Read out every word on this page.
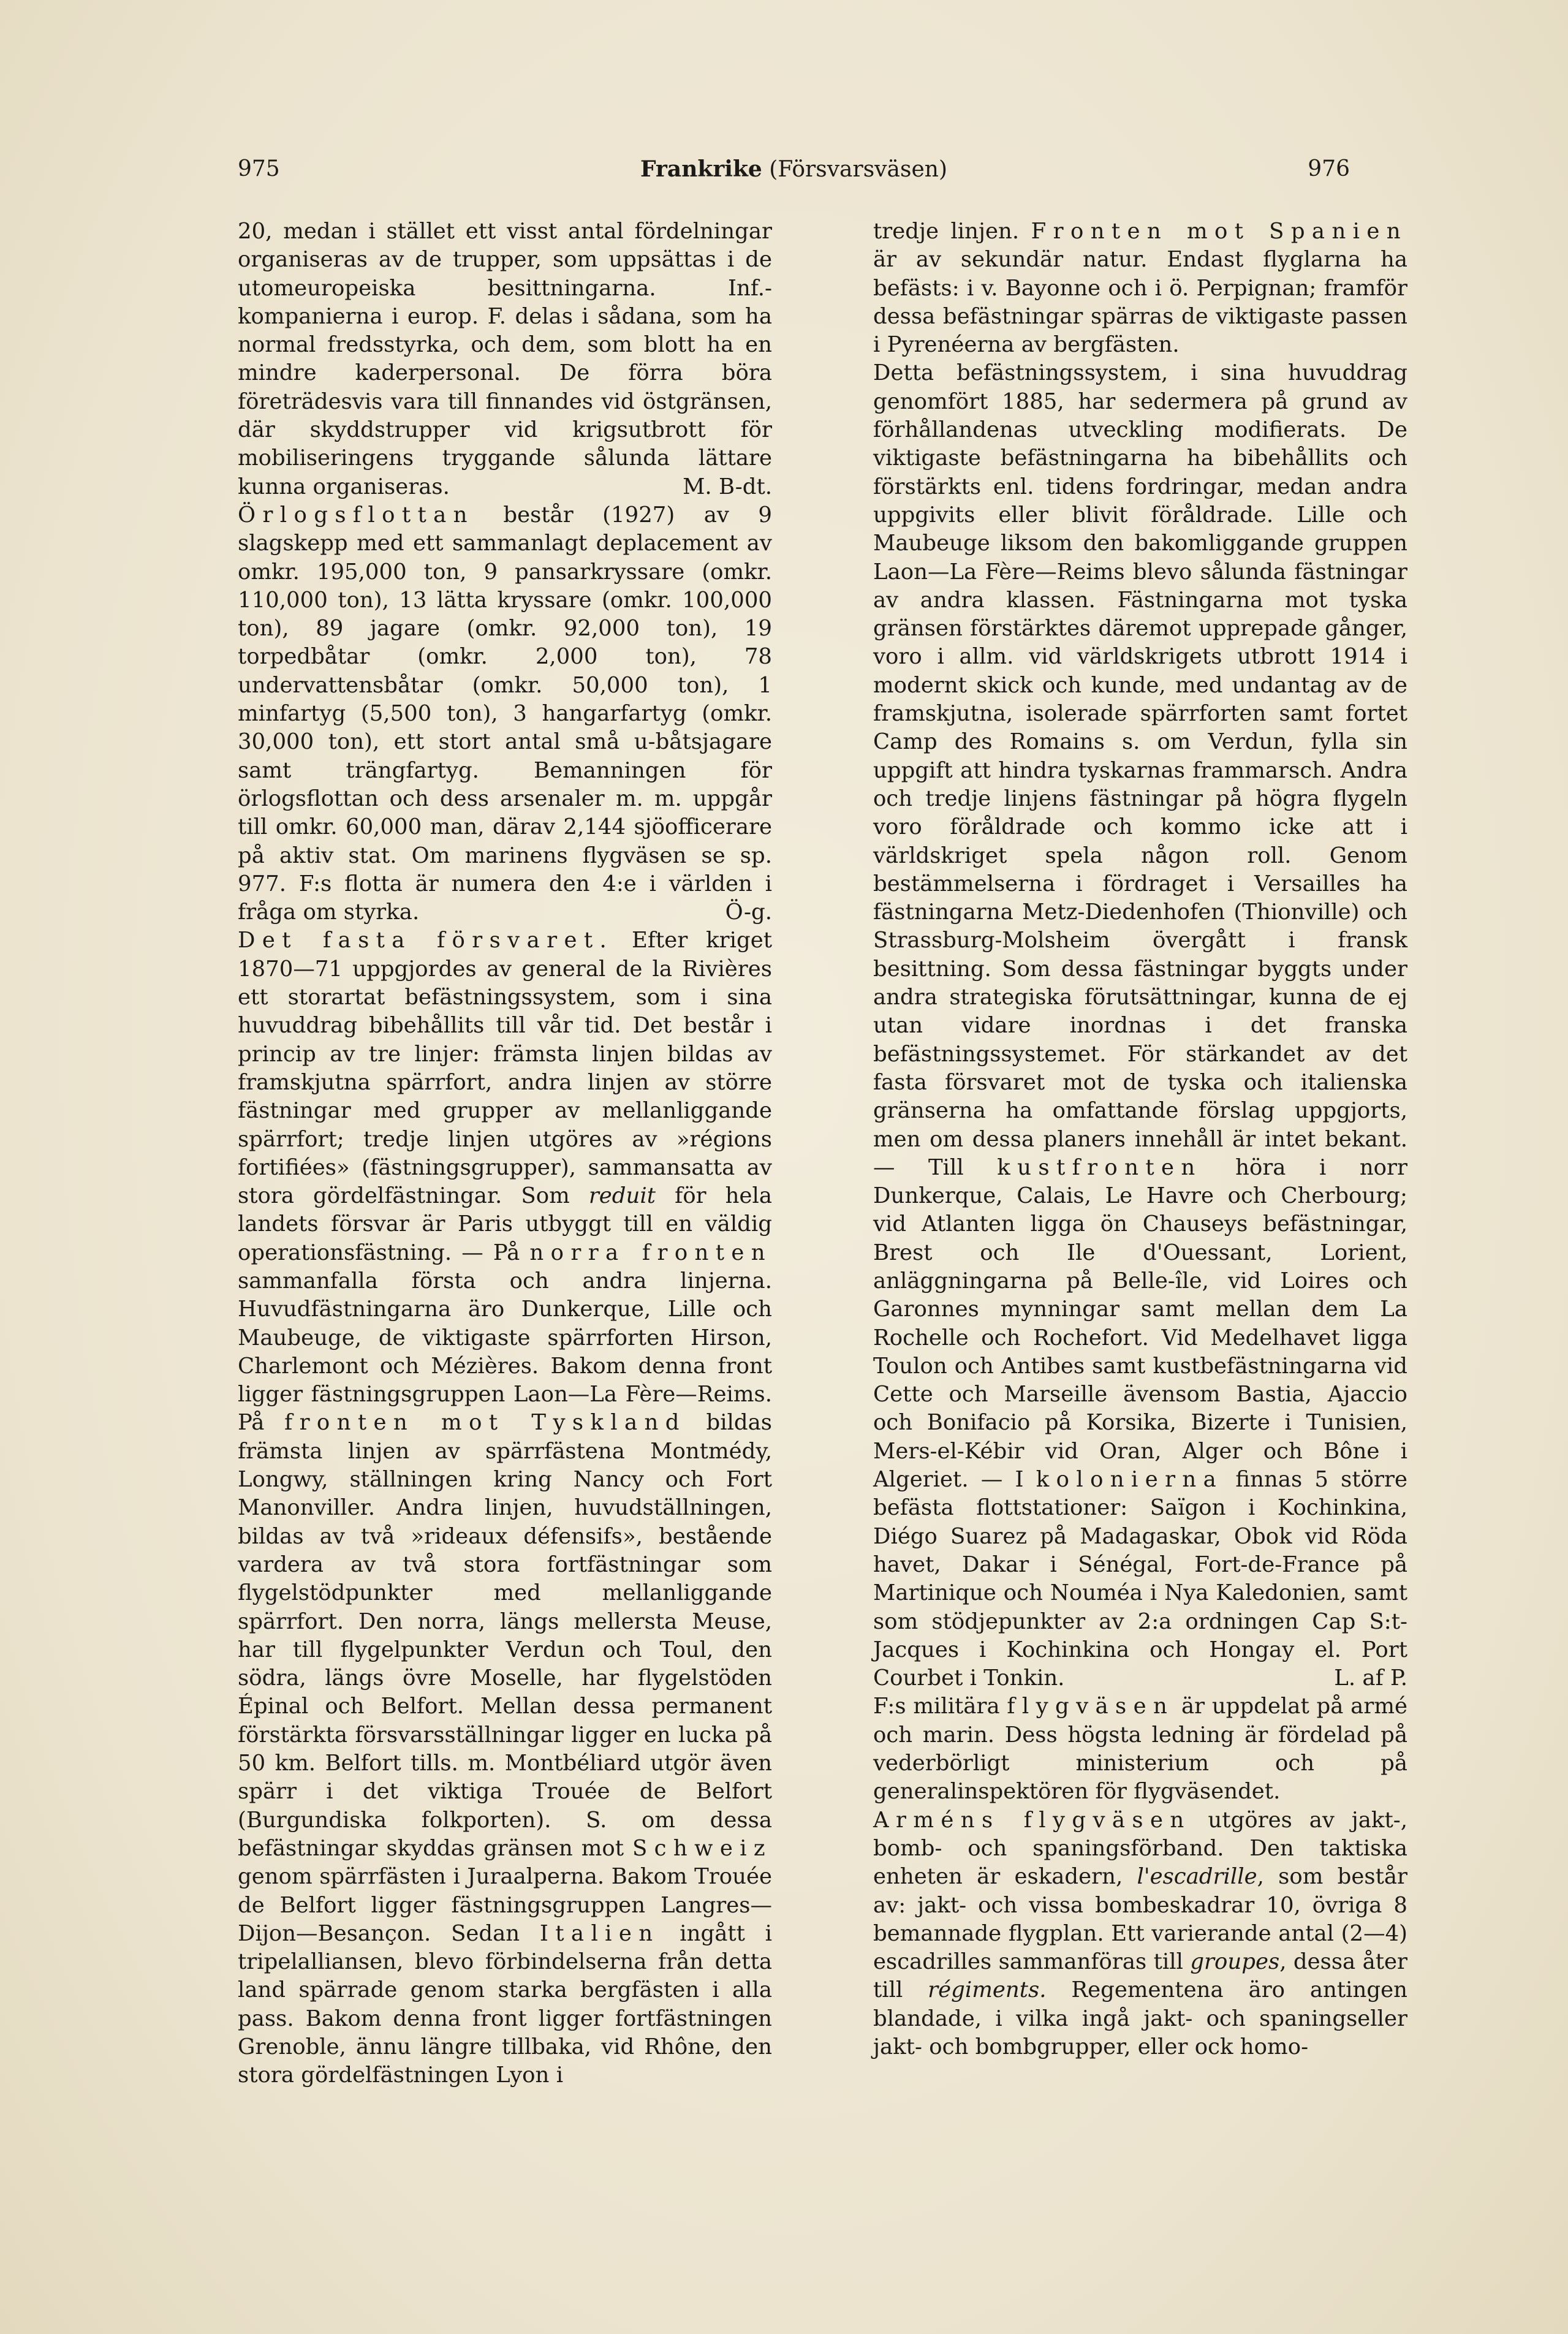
975	Frankrike (Försvarsväsen)	976

20, medan i stället ett visst antal fördelningar organiseras av de trupper, som uppsättas i de utomeuropeiska besittningarna. Inf.-kompanierna i europ. F. delas i sådana, som ha normal fredsstyrka, och dem, som blott ha en mindre kaderpersonal. De förra böra företrädesvis vara till finnandes vid östgränsen, där skyddstrupper vid krigsutbrott för mobiliseringens tryggande sålunda lättare kunna organiseras.	M. B-dt.

Örlogsflottan består (1927) av 9 slagskepp med ett sammanlagt deplacement av omkr. 195,000 ton, 9 pansarkryssare (omkr. 110,000 ton), 13 lätta kryssare (omkr. 100,000 ton), 89 jagare (omkr. 92,000 ton), 19 torpedbåtar (omkr. 2,000 ton), 78 undervattensbåtar (omkr. 50,000 ton), 1 minfartyg (5,500 ton), 3 hangarfartyg (omkr. 30,000 ton), ett stort antal små u-båtsjagare samt trängfartyg. Bemanningen för örlogsflottan och dess arsenaler m. m. uppgår till omkr. 60,000 man, därav 2,144 sjöofficerare på aktiv stat. Om marinens flygväsen se sp. 977. F:s flotta är numera den 4:e i världen i fråga om styrka.	Ö-g.

Det fasta försvaret. Efter kriget 1870—71 uppgjordes av general de la Rivières ett storartat befästningssystem, som i sina huvuddrag bibehållits till vår tid. Det består i princip av tre linjer: främsta linjen bildas av framskjutna spärrfort, andra linjen av större fästningar med grupper av mellanliggande spärrfort; tredje linjen utgöres av »régions fortifiées» (fästningsgrupper), sammansatta av stora gördelfästningar. Som reduit för hela landets försvar är Paris utbyggt till en väldig operationsfästning. — På norra fronten sammanfalla första och andra linjerna. Huvudfästningarna äro Dunkerque, Lille och Maubeuge, de viktigaste spärrforten Hirson, Charlemont och Mézières. Bakom denna front ligger fästningsgruppen Laon—La Fère—Reims. På fronten mot Tyskland bildas främsta linjen av spärrfästena Montmédy, Longwy, ställningen kring Nancy och Fort Manonviller. Andra linjen, huvudställningen, bildas av två »rideaux défensifs», bestående vardera av två stora fortfästningar som flygelstödpunkter med mellanliggande spärrfort. Den norra, längs mellersta Meuse, har till flygelpunkter Verdun och Toul, den södra, längs övre Moselle, har flygelstöden Épinal och Belfort. Mellan dessa permanent förstärkta försvarsställningar ligger en lucka på 50 km. Belfort tills. m. Montbéliard utgör även spärr i det viktiga Trouée de Belfort (Burgundiska folkporten). S. om dessa befästningar skyddas gränsen mot Schweiz genom spärrfästen i Juraalperna. Bakom Trouée de Belfort ligger fästningsgruppen Langres—Dijon—Besançon. Sedan Italien ingått i tripelalliansen, blevo förbindelserna från detta land spärrade genom starka bergfästen i alla pass. Bakom denna front ligger fortfästningen Grenoble, ännu längre tillbaka, vid Rhône, den stora gördelfästningen Lyon i

tredje linjen. Fronten mot Spanien är av sekundär natur. Endast flyglarna ha befästs: i v. Bayonne och i ö. Perpignan; framför dessa befästningar spärras de viktigaste passen i Pyrenéerna av bergfästen.

Detta befästningssystem, i sina huvuddrag genomfört 1885, har sedermera på grund av förhållandenas utveckling modifierats. De viktigaste befästningarna ha bibehållits och förstärkts enl. tidens fordringar, medan andra uppgivits eller blivit föråldrade. Lille och Maubeuge liksom den bakomliggande gruppen Laon—La Fère—Reims blevo sålunda fästningar av andra klassen. Fästningarna mot tyska gränsen förstärktes däremot upprepade gånger, voro i allm. vid världskrigets utbrott 1914 i modernt skick och kunde, med undantag av de framskjutna, isolerade spärrforten samt fortet Camp des Romains s. om Verdun, fylla sin uppgift att hindra tyskarnas frammarsch. Andra och tredje linjens fästningar på högra flygeln voro föråldrade och kommo icke att i världskriget spela någon roll. Genom bestämmelserna i fördraget i Versailles ha fästningarna Metz-Diedenhofen (Thionville) och Strassburg-Molsheim övergått i fransk besittning. Som dessa fästningar byggts under andra strategiska förutsättningar, kunna de ej utan vidare inordnas i det franska befästningssystemet. För stärkandet av det fasta försvaret mot de tyska och italienska gränserna ha omfattande förslag uppgjorts, men om dessa planers innehåll är intet bekant. — Till kustfronten höra i norr Dunkerque, Calais, Le Havre och Cherbourg; vid Atlanten ligga ön Chauseys befästningar, Brest och Ile d'Ouessant, Lorient, anläggningarna på Belle-île, vid Loires och Garonnes mynningar samt mellan dem La Rochelle och Rochefort. Vid Medelhavet ligga Toulon och Antibes samt kustbefästningarna vid Cette och Marseille ävensom Bastia, Ajaccio och Bonifacio på Korsika, Bizerte i Tunisien, Mers-el-Kébir vid Oran, Alger och Bône i Algeriet. — I kolonierna finnas 5 större befästa flottstationer: Saïgon i Kochinkina, Diégo Suarez på Madagaskar, Obok vid Röda havet, Dakar i Sénégal, Fort-de-France på Martinique och Nouméa i Nya Kaledonien, samt som stödjepunkter av 2:a ordningen Cap S:t-Jacques i Kochinkina och Hongay el. Port Courbet i Tonkin.	L. af P.

F:s militära flygväsen är uppdelat på armé och marin. Dess högsta ledning är fördelad på vederbörligt ministerium och på generalinspektören för flygväsendet.

Arméns flygväsen utgöres av jakt-, bomb- och spaningsförband. Den taktiska enheten är eskadern, l'escadrille, som består av: jakt- och vissa bombeskadrar 10, övriga 8 bemannade flygplan. Ett varierande antal (2—4) escadrilles sammanföras till groupes, dessa åter till régiments. Regementena äro antingen blandade, i vilka ingå jakt- och spaningseller jakt- och bombgrupper, eller ock homo-
